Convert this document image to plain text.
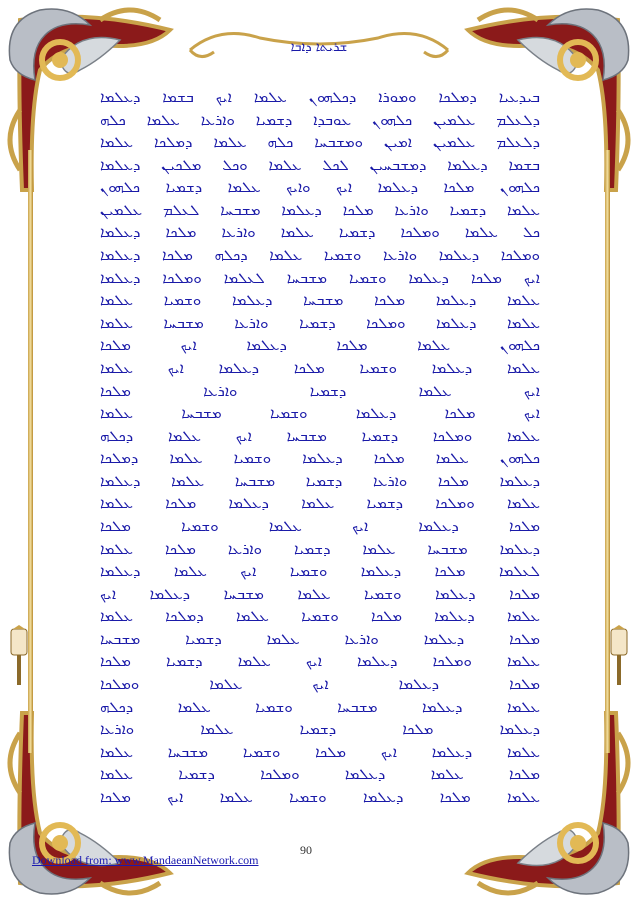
ܫܪܝܬܐ ܕܐܒܐ
ܒܝܕܥܝܐ ܕܡܠܟܐ ܘܡܘܪܐ ܕܟܠܗܘܢ ܥܠܡܐ ܐܝܟ ܒܫܡܐ ܕܥܠܡܐ
ܕܠܥܠܡ ܥܠܡܝܢ ܟܠܗܘܢ ܥܘܒܕܐ ܕܫܡܝܐ ܘܐܪܥܐ ܥܠܡܐ ܟܠܗ
ܕܠܥܠܡ ܥܠܡܝܢ ܐܡܝܢ ܘܡܫܒܚܐ ܟܠܗ ܥܠܡܐ ܕܡܠܟܐ ܥܠܡܐ
ܒܫܡܐ ܕܥܠܡܐ ܕܡܫܒܚܝܢ ܠܟܠ ܥܠܡܐ ܘܟܠ ܡܠܟܝܢ ܕܥܠܡܐ
ܟܠܗܘܢ ܡܠܟܐ ܕܥܠܡܐ ܐܝܟ ܘܐܝܟ ܥܠܡܐ ܕܫܡܝܐ ܟܠܗܘܢ
ܥܠܡܐ ܕܫܡܝܐ ܘܐܪܥܐ ܡܠܟܐ ܕܥܠܡܐ ܡܫܒܚܐ ܠܥܠܡ ܥܠܡܝܢ
ܟܠ ܥܠܡܐ ܘܡܠܟܐ ܕܫܡܝܐ ܥܠܡܐ ܘܐܪܥܐ ܡܠܟܐ ܕܥܠܡܐ
ܘܡܠܟܐ ܕܥܠܡܐ ܘܐܪܥܐ ܘܫܡܝܐ ܥܠܡܐ ܕܟܠܗ ܡܠܟܐ ܕܥܠܡܐ
ܐܝܟ ܡܠܟܐ ܕܥܠܡܐ ܘܫܡܝܐ ܡܫܒܚܐ ܠܥܠܡܐ ܘܡܠܟܐ ܕܥܠܡܐ
ܥܠܡܐ ܕܥܠܡܐ ܡܠܟܐ ܡܫܒܚܐ ܕܥܠܡܐ ܘܫܡܝܐ ܥܠܡܐ
ܥܠܡܐ ܕܥܠܡܐ ܘܡܠܟܐ ܕܫܡܝܐ ܘܐܪܥܐ ܡܫܒܚܐ ܥܠܡܐ
ܟܠܗܘܢ ܥܠܡܐ ܡܠܟܐ ܕܥܠܡܐ ܐܝܟ ܡܠܟܐ
ܥܠܡܐ ܕܥܠܡܐ ܘܫܡܝܐ ܡܠܟܐ ܕܥܠܡܐ ܐܝܟ ܥܠܡܐ
ܐܝܟ ܥܠܡܐ ܕܫܡܝܐ ܘܐܪܥܐ ܡܠܟܐ
ܐܝܟ ܡܠܟܐ ܕܥܠܡܐ ܘܫܡܝܐ ܡܫܒܚܐ ܥܠܡܐ
ܥܠܡܐ ܘܡܠܟܐ ܕܫܡܝܐ ܡܫܒܚܐ ܐܝܟ ܥܠܡܐ ܕܟܠܗ
ܟܠܗܘܢ ܥܠܡܐ ܡܠܟܐ ܕܥܠܡܐ ܘܫܡܝܐ ܥܠܡܐ ܕܡܠܟܐ
ܕܥܠܡܐ ܡܠܟܐ ܘܐܪܥܐ ܕܫܡܝܐ ܡܫܒܚܐ ܥܠܡܐ ܕܥܠܡܐ
ܥܠܡܐ ܘܡܠܟܐ ܕܫܡܝܐ ܥܠܡܐ ܕܥܠܡܐ ܡܠܟܐ ܥܠܡܐ
ܡܠܟܐ ܕܥܠܡܐ ܐܝܟ ܥܠܡܐ ܘܫܡܝܐ ܡܠܟܐ
ܕܥܠܡܐ ܡܫܒܚܐ ܥܠܡܐ ܕܫܡܝܐ ܘܐܪܥܐ ܡܠܟܐ ܥܠܡܐ
ܠܥܠܡܐ ܡܠܟܐ ܕܥܠܡܐ ܘܫܡܝܐ ܐܝܟ ܥܠܡܐ ܕܥܠܡܐ
ܡܠܟܐ ܕܥܠܡܐ ܘܫܡܝܐ ܥܠܡܐ ܡܫܒܚܐ ܕܥܠܡܐ ܐܝܟ
ܥܠܡܐ ܕܥܠܡܐ ܡܠܟܐ ܘܫܡܝܐ ܥܠܡܐ ܕܡܠܟܐ ܥܠܡܐ
ܡܠܟܐ ܕܥܠܡܐ ܘܐܪܥܐ ܥܠܡܐ ܕܫܡܝܐ ܡܫܒܚܐ
ܥܠܡܐ ܘܡܠܟܐ ܕܥܠܡܐ ܐܝܟ ܥܠܡܐ ܕܫܡܝܐ ܡܠܟܐ
ܡܠܟܐ ܕܥܠܡܐ ܐܝܟ ܥܠܡܐ ܘܡܠܟܐ
ܥܠܡܐ ܕܥܠܡܐ ܡܫܒܚܐ ܘܫܡܝܐ ܥܠܡܐ ܕܟܠܗ
ܕܥܠܡܐ ܡܠܟܐ ܕܫܡܝܐ ܥܠܡܐ ܘܐܪܥܐ
ܥܠܡܐ ܕܥܠܡܐ ܐܝܟ ܡܠܟܐ ܘܫܡܝܐ ܡܫܒܚܐ ܥܠܡܐ
ܡܠܟܐ ܥܠܡܐ ܕܥܠܡܐ ܘܡܠܟܐ ܕܫܡܝܐ ܥܠܡܐ
ܥܠܡܐ ܡܠܟܐ ܕܥܠܡܐ ܘܫܡܝܐ ܥܠܡܐ ܐܝܟ ܡܠܟܐ
90
Download from: www.MandaeanNetwork.com
